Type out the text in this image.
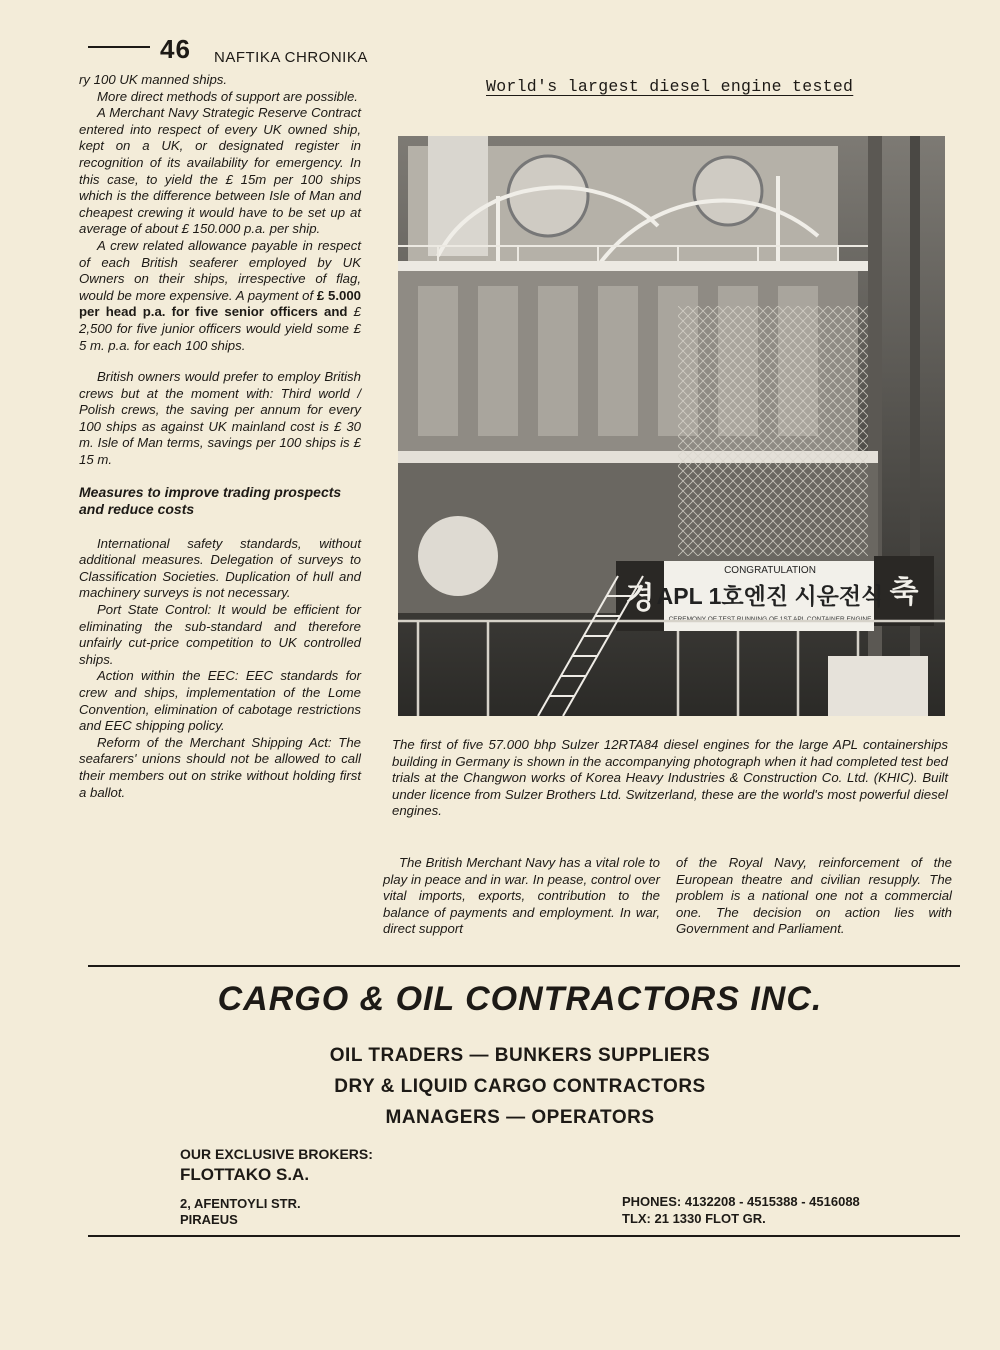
46 NAFTIKA CHRONIKA

ry 100 UK manned ships.

More direct methods of support are possible.

A Merchant Navy Strategic Reserve Contract entered into respect of every UK owned ship, kept on a UK, or designated register in recognition of its availability for emergency. In this case, to yield the £ 15m per 100 ships which is the difference between Isle of Man and cheapest crewing it would have to be set up at average of about £ 150.000 p.a. per ship.

A crew related allowance payable in respect of each British seaferer employed by UK Owners on their ships, irrespective of flag, would be more expensive. A payment of £ 5.000 per head p.a. for five senior officers and £ 2,500 for five junior officers would yield some £ 5 m. p.a. for each 100 ships.

British owners would prefer to employ British crews but at the moment with: Third world / Polish crews, the saving per annum for every 100 ships as against UK mainland cost is £ 30 m. Isle of Man terms, savings per 100 ships is £ 15 m.

Measures to improve trading prospects and reduce costs

International safety standards, without additional measures. Delegation of surveys to Classification Societies. Duplication of hull and machinery surveys is not necessary.

Port State Control: It would be efficient for eliminating the sub-standard and therefore unfairly cut-price competition to UK controlled ships.

Action within the EEC: EEC standards for crew and ships, implementation of the Lome Convention, elimination of cabotage restrictions and EEC shipping policy.

Reform of the Merchant Shipping Act: The seafarers' unions should not be allowed to call their members out on strike without holding first a ballot.

World's largest diesel engine tested
경	축
CONGRATULATION
APL 1호엔진 시운전식
CEREMONY OF TEST RUNNING OF 1ST APL CONTAINER ENGINE

The first of five 57.000 bhp Sulzer 12RTA84 diesel engines for the large APL containerships building in Germany is shown in the accompanying photograph when it had completed test bed trials at the Changwon works of Korea Heavy Industries & Construction Co. Ltd. (KHIC). Built under licence from Sulzer Brothers Ltd. Switzerland, these are the world's most powerful diesel engines.

The British Merchant Navy has a vital role to play in peace and in war. In pease, control over vital imports, exports, contribution to the balance of payments and employment. In war, direct support

of the Royal Navy, reinforcement of the European theatre and civilian resupply. The problem is a national one not a commercial one. The decision on action lies with Government and Parliament.

CARGO & OIL CONTRACTORS INC.
OIL TRADERS — BUNKERS SUPPLIERS
DRY & LIQUID CARGO CONTRACTORS
MANAGERS — OPERATORS
OUR EXCLUSIVE BROKERS:
FLOTTAKO S.A.
2, AFENTOYLI STR.
PIRAEUS
PHONES: 4132208 - 4515388 - 4516088
TLX: 21 1330 FLOT GR.
